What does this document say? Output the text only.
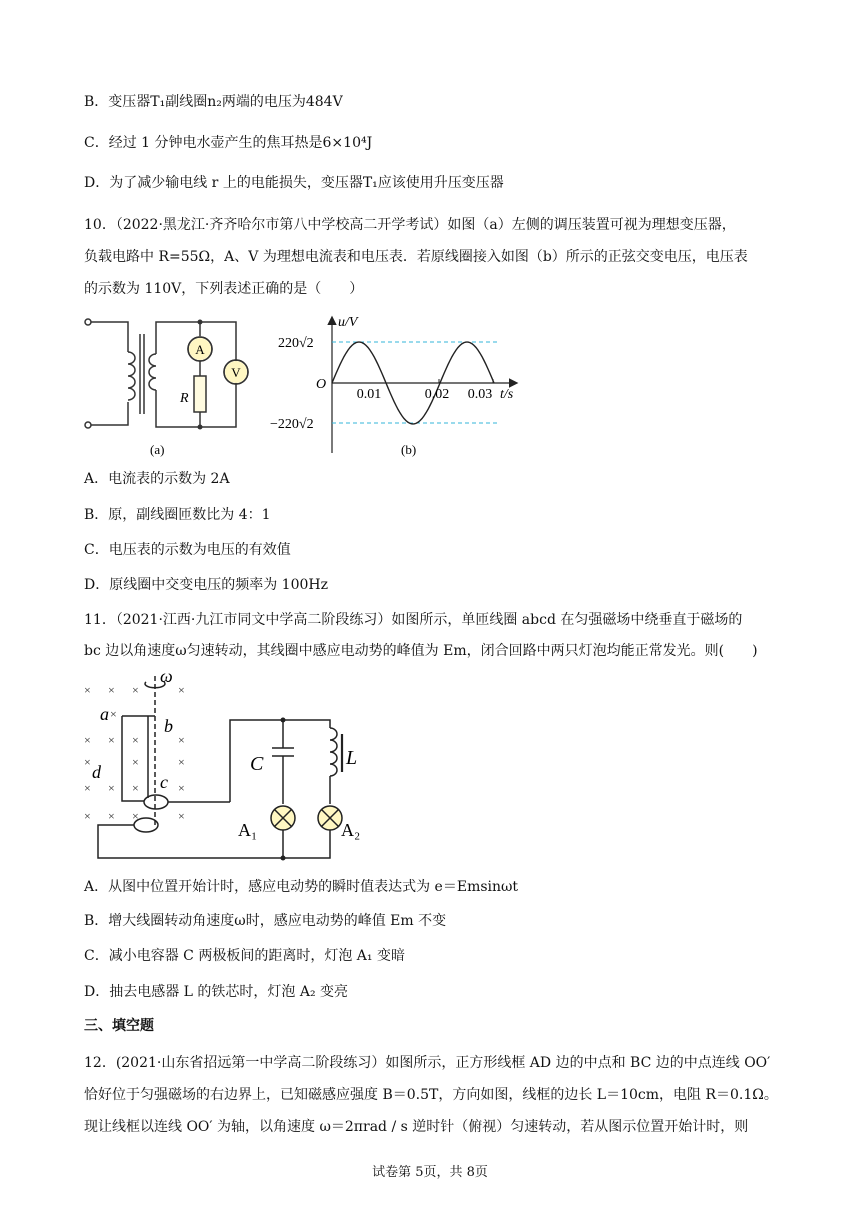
B．变压器T₁副线圈n₂两端的电压为484V
C．经过 1 分钟电水壶产生的焦耳热是6×10⁴J
D．为了减少输电线 r 上的电能损失，变压器T₁应该使用升压变压器
10．（2022·黑龙江·齐齐哈尔市第八中学校高二开学考试）如图（a）左侧的调压装置可视为理想变压器，
负载电路中 R=55Ω，A、V 为理想电流表和电压表．若原线圈接入如图（b）所示的正弦交变电压，电压表
的示数为 110V，下列表述正确的是（　　）
A
V
R
(a)
u/V
t/s
O
220√2
−220√2
0.01	0.02 0.03
(b)
A．电流表的示数为 2A
B．原，副线圈匝数比为 4：1
C．电压表的示数为电压的有效值
D．原线圈中交变电压的频率为 100Hz
11．（2021·江西·九江市同文中学高二阶段练习）如图所示，单匝线圈 abcd 在匀强磁场中绕垂直于磁场的
bc 边以角速度ω匀速转动，其线圈中感应电动势的峰值为 Em，闭合回路中两只灯泡均能正常发光。则(　　)
× × ×	×
× × ×	×
×	×	×
× × ×	×
× × ×	×
×
ω
a
b
c
d	C	L
A₁	A₂
A．从图中位置开始计时，感应电动势的瞬时值表达式为 e＝Emsinωt
B．增大线圈转动角速度ω时，感应电动势的峰值 Em 不变
C．减小电容器 C 两极板间的距离时，灯泡 A₁ 变暗
D．抽去电感器 L 的铁芯时，灯泡 A₂ 变亮
三、填空题
12．(2021·山东省招远第一中学高二阶段练习）如图所示，正方形线框 AD 边的中点和 BC 边的中点连线 OO′
恰好位于匀强磁场的右边界上，已知磁感应强度 B＝0.5T，方向如图，线框的边长 L＝10cm，电阻 R＝0.1Ω。
现让线框以连线 OO′ 为轴，以角速度 ω＝2πrad / s 逆时针（俯视）匀速转动，若从图示位置开始计时，则
试卷第 5页，共 8页
